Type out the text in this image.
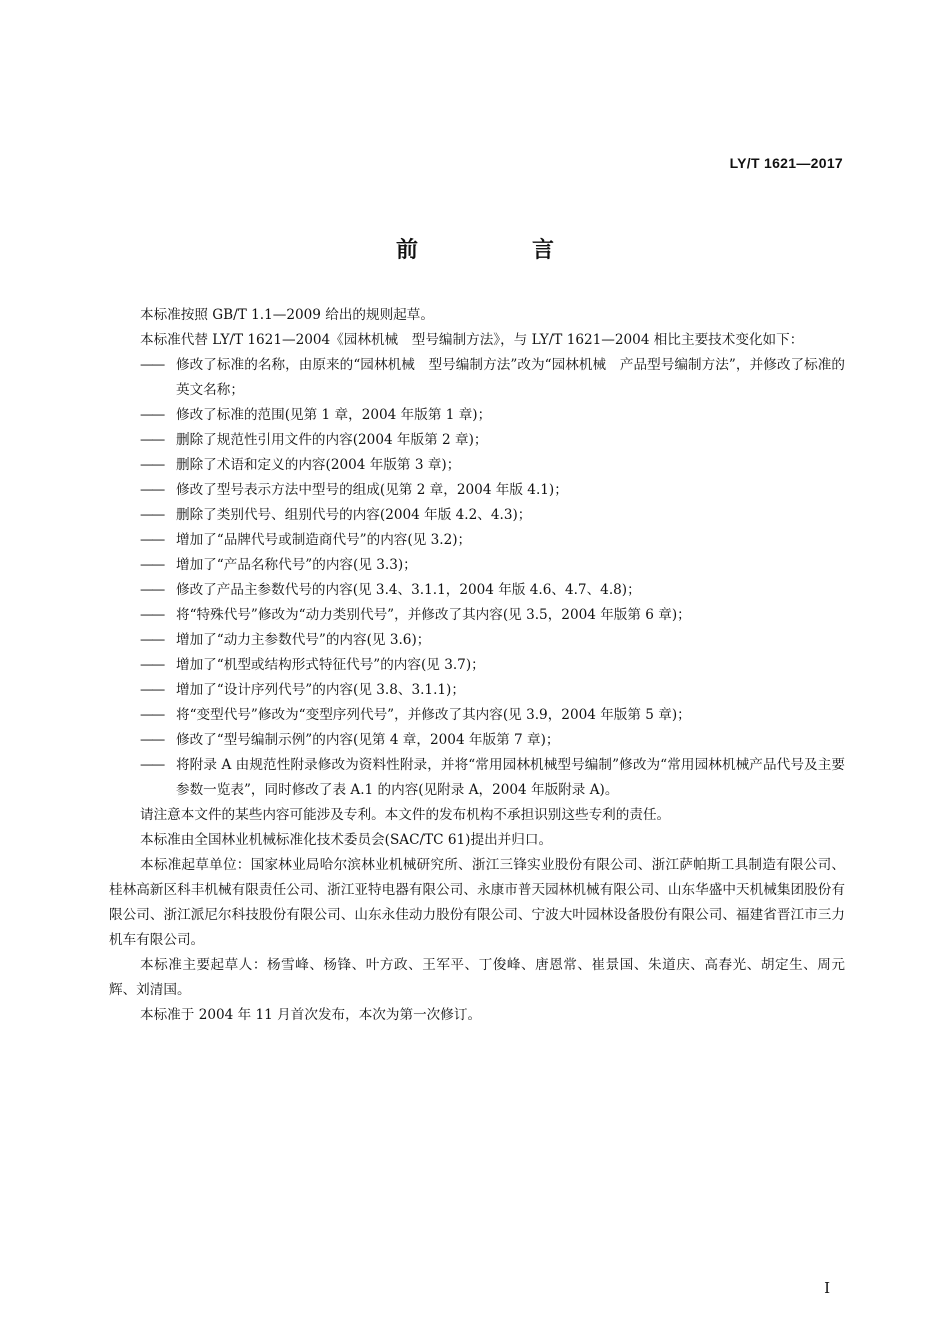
LY/T 1621—2017
前　言

本标准按照 GB/T 1.1—2009 给出的规则起草。

本标准代替 LY/T 1621—2004《园林机械　型号编制方法》，与 LY/T 1621—2004 相比主要技术变化如下：

—— 修改了标准的名称，由原来的“园林机械　型号编制方法”改为“园林机械　产品型号编制方法”，并修改了标准的英文名称；
—— 修改了标准的范围(见第 1 章，2004 年版第 1 章)；
—— 删除了规范性引用文件的内容(2004 年版第 2 章)；
—— 删除了术语和定义的内容(2004 年版第 3 章)；
—— 修改了型号表示方法中型号的组成(见第 2 章，2004 年版 4.1)；
—— 删除了类别代号、组别代号的内容(2004 年版 4.2、4.3)；
—— 增加了“品牌代号或制造商代号”的内容(见 3.2)；
—— 增加了“产品名称代号”的内容(见 3.3)；
—— 修改了产品主参数代号的内容(见 3.4、3.1.1，2004 年版 4.6、4.7、4.8)；
—— 将“特殊代号”修改为“动力类别代号”，并修改了其内容(见 3.5，2004 年版第 6 章)；
—— 增加了“动力主参数代号”的内容(见 3.6)；
—— 增加了“机型或结构形式特征代号”的内容(见 3.7)；
—— 增加了“设计序列代号”的内容(见 3.8、3.1.1)；
—— 将“变型代号”修改为“变型序列代号”，并修改了其内容(见 3.9，2004 年版第 5 章)；
—— 修改了“型号编制示例”的内容(见第 4 章，2004 年版第 7 章)；
—— 将附录 A 由规范性附录修改为资料性附录，并将“常用园林机械型号编制”修改为“常用园林机械产品代号及主要参数一览表”，同时修改了表 A.1 的内容(见附录 A，2004 年版附录 A)。

请注意本文件的某些内容可能涉及专利。本文件的发布机构不承担识别这些专利的责任。

本标准由全国林业机械标准化技术委员会(SAC/TC 61)提出并归口。

本标准起草单位：国家林业局哈尔滨林业机械研究所、浙江三锋实业股份有限公司、浙江萨帕斯工具制造有限公司、桂林高新区科丰机械有限责任公司、浙江亚特电器有限公司、永康市普天园林机械有限公司、山东华盛中天机械集团股份有限公司、浙江派尼尔科技股份有限公司、山东永佳动力股份有限公司、宁波大叶园林设备股份有限公司、福建省晋江市三力机车有限公司。

本标准主要起草人：杨雪峰、杨锋、叶方政、王军平、丁俊峰、唐恩常、崔景国、朱道庆、高春光、胡定生、周元辉、刘清国。

本标准于 2004 年 11 月首次发布，本次为第一次修订。

I
